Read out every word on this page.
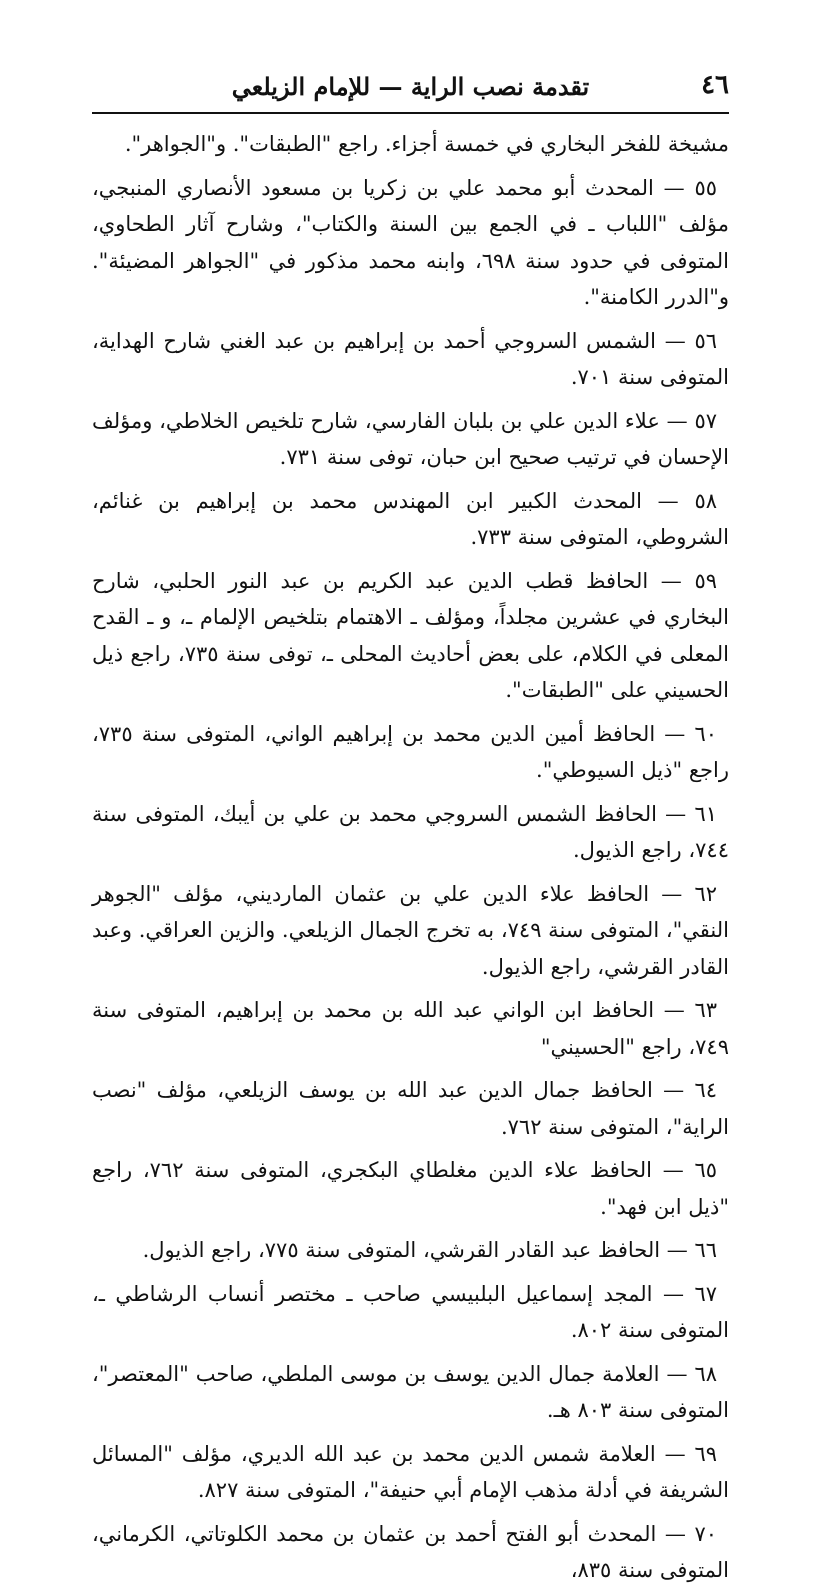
٤٦
تقدمة نصب الراية — للإمام الزيلعي

مشيخة للفخر البخاري في خمسة أجزاء. راجع "الطبقات". و"الجواهر".

٥٥ — المحدث أبو محمد علي بن زكريا بن مسعود الأنصاري المنبجي، مؤلف "اللباب ـ في الجمع بين السنة والكتاب"، وشارح آثار الطحاوي، المتوفى في حدود سنة ٦٩٨، وابنه محمد مذكور في "الجواهر المضيئة". و"الدرر الكامنة".

٥٦ — الشمس السروجي أحمد بن إبراهيم بن عبد الغني شارح الهداية، المتوفى سنة ٧٠١.

٥٧ — علاء الدين علي بن بلبان الفارسي، شارح تلخيص الخلاطي، ومؤلف الإحسان في ترتيب صحيح ابن حبان، توفى سنة ٧٣١.

٥٨ — المحدث الكبير ابن المهندس محمد بن إبراهيم بن غنائم، الشروطي، المتوفى سنة ٧٣٣.

٥٩ — الحافظ قطب الدين عبد الكريم بن عبد النور الحلبي، شارح البخاري في عشرين مجلداً، ومؤلف ـ الاهتمام بتلخيص الإلمام ـ، و ـ القدح المعلى في الكلام، على بعض أحاديث المحلى ـ، توفى سنة ٧٣٥، راجع ذيل الحسيني على "الطبقات".

٦٠ — الحافظ أمين الدين محمد بن إبراهيم الواني، المتوفى سنة ٧٣٥، راجع "ذيل السيوطي".

٦١ — الحافظ الشمس السروجي محمد بن علي بن أيبك، المتوفى سنة ٧٤٤، راجع الذيول.

٦٢ — الحافظ علاء الدين علي بن عثمان المارديني، مؤلف "الجوهر النقي"، المتوفى سنة ٧٤٩، به تخرج الجمال الزيلعي. والزين العراقي. وعبد القادر القرشي، راجع الذيول.

٦٣ — الحافظ ابن الواني عبد الله بن محمد بن إبراهيم، المتوفى سنة ٧٤٩، راجع "الحسيني"

٦٤ — الحافظ جمال الدين عبد الله بن يوسف الزيلعي، مؤلف "نصب الراية"، المتوفى سنة ٧٦٢.

٦٥ — الحافظ علاء الدين مغلطاي البكجري، المتوفى سنة ٧٦٢، راجع "ذيل ابن فهد".

٦٦ — الحافظ عبد القادر القرشي، المتوفى سنة ٧٧٥، راجع الذيول.

٦٧ — المجد إسماعيل البلبيسي صاحب ـ مختصر أنساب الرشاطي ـ، المتوفى سنة ٨٠٢.

٦٨ — العلامة جمال الدين يوسف بن موسى الملطي، صاحب "المعتصر"، المتوفى سنة ٨٠٣ هـ.

٦٩ — العلامة شمس الدين محمد بن عبد الله الديري، مؤلف "المسائل الشريفة في أدلة مذهب الإمام أبي حنيفة"، المتوفى سنة ٨٢٧.

٧٠ — المحدث أبو الفتح أحمد بن عثمان بن محمد الكلوتاتي، الكرماني، المتوفى سنة ٨٣٥،
